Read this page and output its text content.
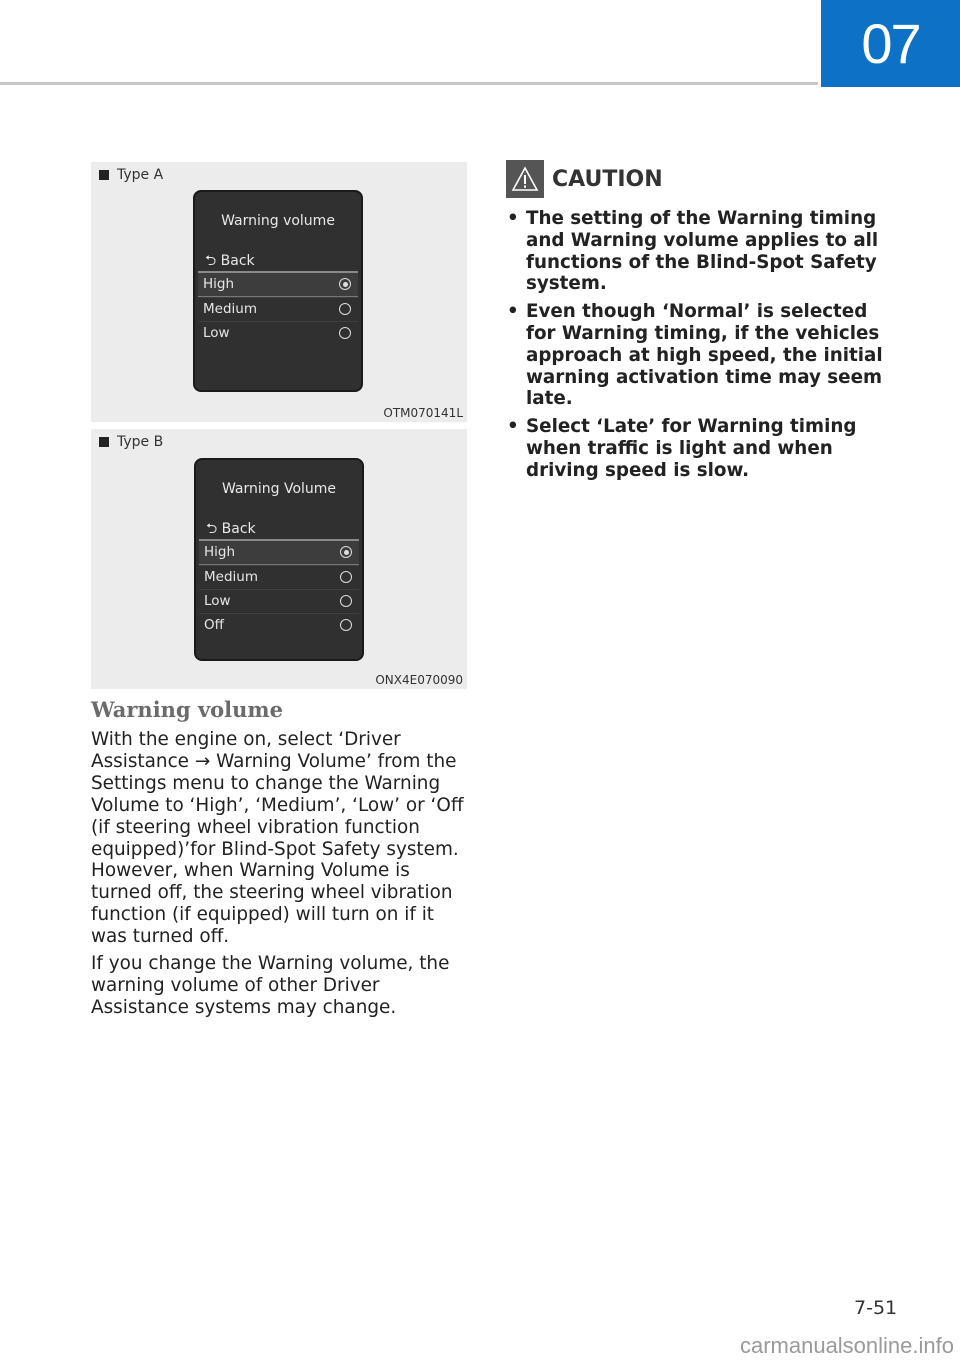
07
Type A
Warning volume
⮌ Back
High
Medium
Low
OTM070141L
Type B
Warning Volume
⮌ Back
High
Medium
Low
Off
ONX4E070090
Warning volume
With the engine on, select ‘Driver Assistance → Warning Volume’ from the Settings menu to change the Warning Volume to ‘High’, ‘Medium’, ‘Low’ or ‘Off (if steering wheel vibration function equipped)’for Blind-Spot Safety system. However, when Warning Volume is turned off, the steering wheel vibration function (if equipped) will turn on if it was turned off.
If you change the Warning volume, the warning volume of other Driver Assistance systems may change.
CAUTION
• The setting of the Warning timing and Warning volume applies to all functions of the Blind-Spot Safety system.
• Even though ‘Normal’ is selected for Warning timing, if the vehicles approach at high speed, the initial warning activation time may seem late.
• Select ‘Late’ for Warning timing when traffic is light and when driving speed is slow.
7-51
carmanualsonline.info
